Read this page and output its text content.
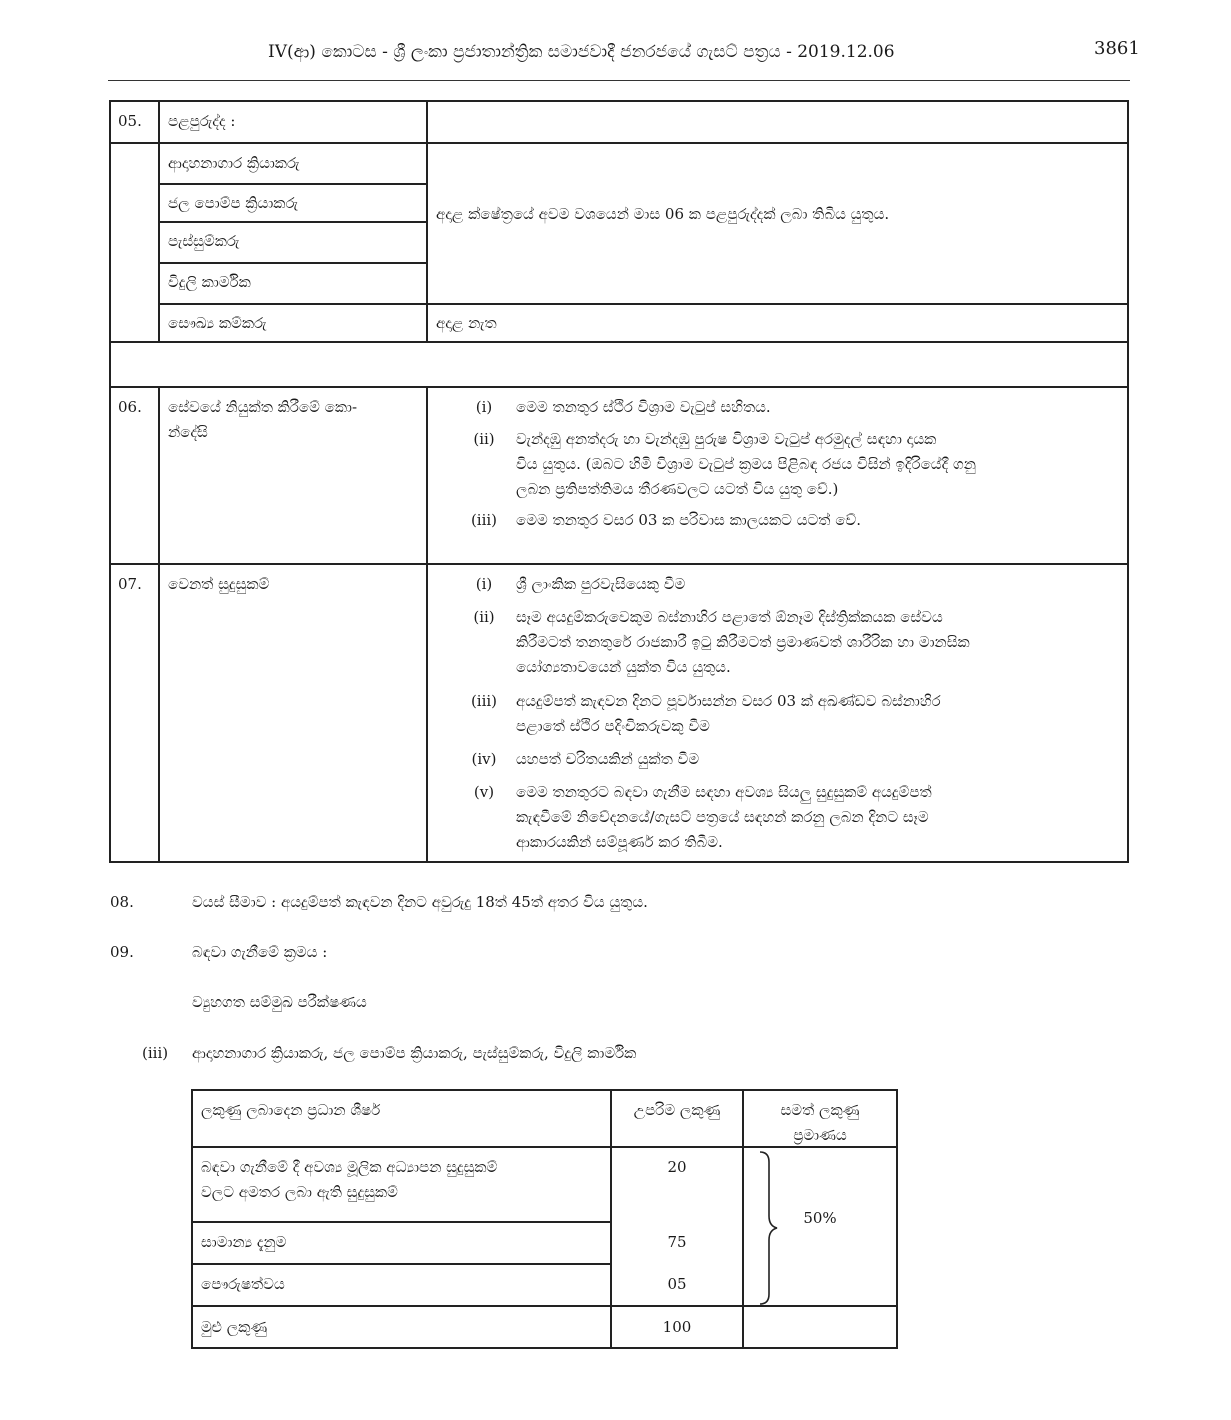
IV(ආ) කොටස - ශ්‍රී ලංකා ප්‍රජාතාන්ත්‍රික සමාජවාදී ජනරජයේ ගැසට් පත්‍රය - 2019.12.06	3861
05. පළපුරුද්ද :
ආදාහනාගාර ක්‍රියාකරු
ජල පොම්ප ක්‍රියාකරු
පැස්සුම්කරු
විදුලි කාර්මික
අදාළ ක්ෂේත්‍රයේ අවම වශයෙන් මාස 06 ක පළපුරුද්දක් ලබා තිබිය යුතුය.
සෞඛ්‍ය කම්කරු	අදාළ නැත
06. සේවයේ නියුක්ත කිරීමේ කො-
න්දේසි
(i)	මෙම තනතුර ස්ථිර විශ්‍රාම වැටුප් සහිතය.
(ii)	වැන්දඹු අනත්දරු හා වැන්දඹු පුරුෂ විශ්‍රාම වැටුප් අරමුදල් සඳහා දායක
විය යුතුය. (ඔබට හිමි විශ්‍රාම වැටුප් ක්‍රමය පිළිබඳ රජය විසින් ඉදිරියේදී ගනු
ලබන ප්‍රතිපත්තිමය තීරණවලට යටත් විය යුතු වේ.)
(iii)	මෙම තනතුර වසර 03 ක පරිවාස කාලයකට යටත් වේ.
07. වෙනත් සුදුසුකම්	(i)	ශ්‍රී ලාංකික පුරවැසියෙකු වීම
(ii)	සෑම අයදුම්කරුවෙකුම බස්නාහිර පළාතේ ඕනෑම දිස්ත්‍රික්කයක සේවය
කිරීමටත් තනතුරේ රාජකාරී ඉටු කිරීමටත් ප්‍රමාණවත් ශාරීරික හා මානසික
යෝග්‍යතාවයෙන් යුක්ත විය යුතුය.
(iii)	අයදුම්පත් කැඳවන දිනට පූර්වාසන්න වසර 03 ක් අඛණ්ඩව බස්නාහිර
පළාතේ ස්ථිර පදිංචිකරුවකු වීම
(iv)	යහපත් චරිතයකින් යුක්ත වීම
(v)	මෙම තනතුරට බඳවා ගැනීම සඳහා අවශ්‍ය සියලු සුදුසුකම් අයදුම්පත්
කැඳවීමේ නිවේදනයේ/ගැසට් පත්‍රයේ සඳහන් කරනු ලබන දිනට සෑම
ආකාරයකින් සම්පූර්ණ කර තිබීම.
08.	වයස් සීමාව : අයදුම්පත් කැඳවන දිනට අවුරුදු 18ත් 45ත් අතර විය යුතුය.
09.	බඳවා ගැනීමේ ක්‍රමය :
ව්‍යුහගත සම්මුඛ පරීක්ෂණය
(iii) ආදාහනාගාර ක්‍රියාකරු, ජල පොම්ප ක්‍රියාකරු, පැස්සුම්කරු, විදුලි කාර්මික
ලකුණු ලබාදෙන ප්‍රධාන ශීර්ෂ	උපරිම ලකුණු	සමත් ලකුණු
ප්‍රමාණය
බඳවා ගැනීමේ දී අවශ්‍ය මූලික අධ්‍යාපන සුදුසුකම්
වලට අමතර ලබා ඇති සුදුසුකම්
20
සාමාන්‍ය දැනුම	75
පෞරුෂත්වය	05
50%
මුළු ලකුණු	100
